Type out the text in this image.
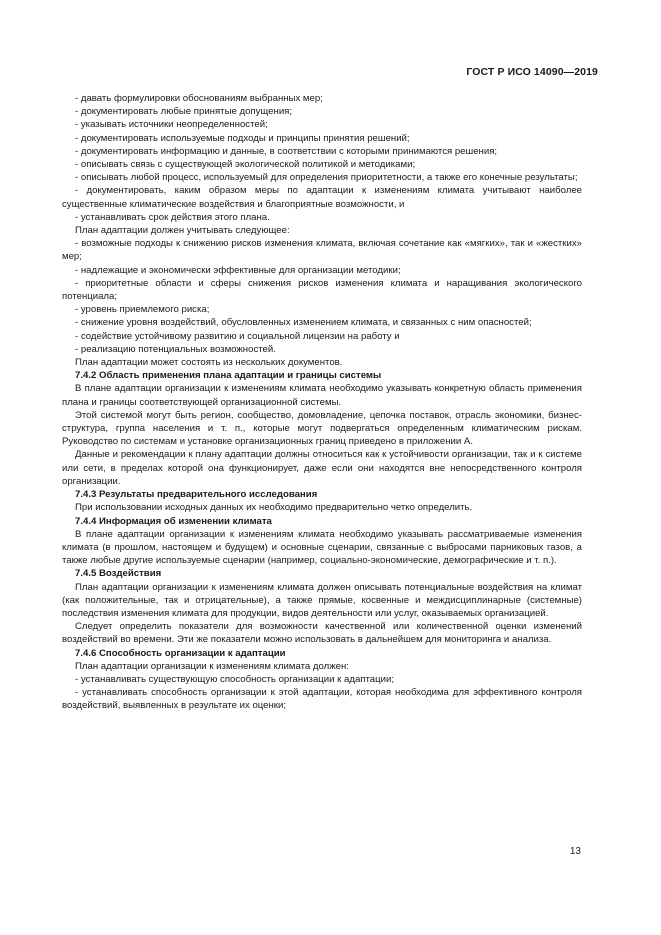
ГОСТ Р ИСО 14090—2019

- давать формулировки обоснованиям выбранных мер;

- документировать любые принятые допущения;

- указывать источники неопределенностей;

- документировать используемые подходы и принципы принятия решений;

- документировать информацию и данные, в соответствии с которыми принимаются решения;

- описывать связь с существующей экологической политикой и методиками;

- описывать любой процесс, используемый для определения приоритетности, а также его конечные результаты;

- документировать, каким образом меры по адаптации к изменениям климата учитывают наиболее существенные климатические воздействия и благоприятные возможности, и

- устанавливать срок действия этого плана.

План адаптации должен учитывать следующее:

- возможные подходы к снижению рисков изменения климата, включая сочетание как «мягких», так и «жестких» мер;

- надлежащие и экономически эффективные для организации методики;

- приоритетные области и сферы снижения рисков изменения климата и наращивания экологического потенциала;

- уровень приемлемого риска;

- снижение уровня воздействий, обусловленных изменением климата, и связанных с ним опасностей;

- содействие устойчивому развитию и социальной лицензии на работу и

- реализацию потенциальных возможностей.

План адаптации может состоять из нескольких документов.

7.4.2 Область применения плана адаптации и границы системы

В плане адаптации организации к изменениям климата необходимо указывать конкретную область применения плана и границы соответствующей организационной системы.

Этой системой могут быть регион, сообщество, домовладение, цепочка поставок, отрасль экономики, бизнес-структура, группа населения и т. п., которые могут подвергаться определенным климатическим рискам. Руководство по системам и установке организационных границ приведено в приложении А.

Данные и рекомендации к плану адаптации должны относиться как к устойчивости организации, так и к системе или сети, в пределах которой она функционирует, даже если они находятся вне непосредственного контроля организации.

7.4.3 Результаты предварительного исследования

При использовании исходных данных их необходимо предварительно четко определить.

7.4.4 Информация об изменении климата

В плане адаптации организации к изменениям климата необходимо указывать рассматриваемые изменения климата (в прошлом, настоящем и будущем) и основные сценарии, связанные с выбросами парниковых газов, а также любые другие используемые сценарии (например, социально-экономические, демографические и т. п.).

7.4.5 Воздействия

План адаптации организации к изменениям климата должен описывать потенциальные воздействия на климат (как положительные, так и отрицательные), а также прямые, косвенные и междисциплинарные (системные) последствия изменения климата для продукции, видов деятельности или услуг, оказываемых организацией.

Следует определить показатели для возможности качественной или количественной оценки изменений воздействий во времени. Эти же показатели можно использовать в дальнейшем для мониторинга и анализа.

7.4.6 Способность организации к адаптации

План адаптации организации к изменениям климата должен:

- устанавливать существующую способность организации к адаптации;

- устанавливать способность организации к этой адаптации, которая необходима для эффективного контроля воздействий, выявленных в результате их оценки;

13
